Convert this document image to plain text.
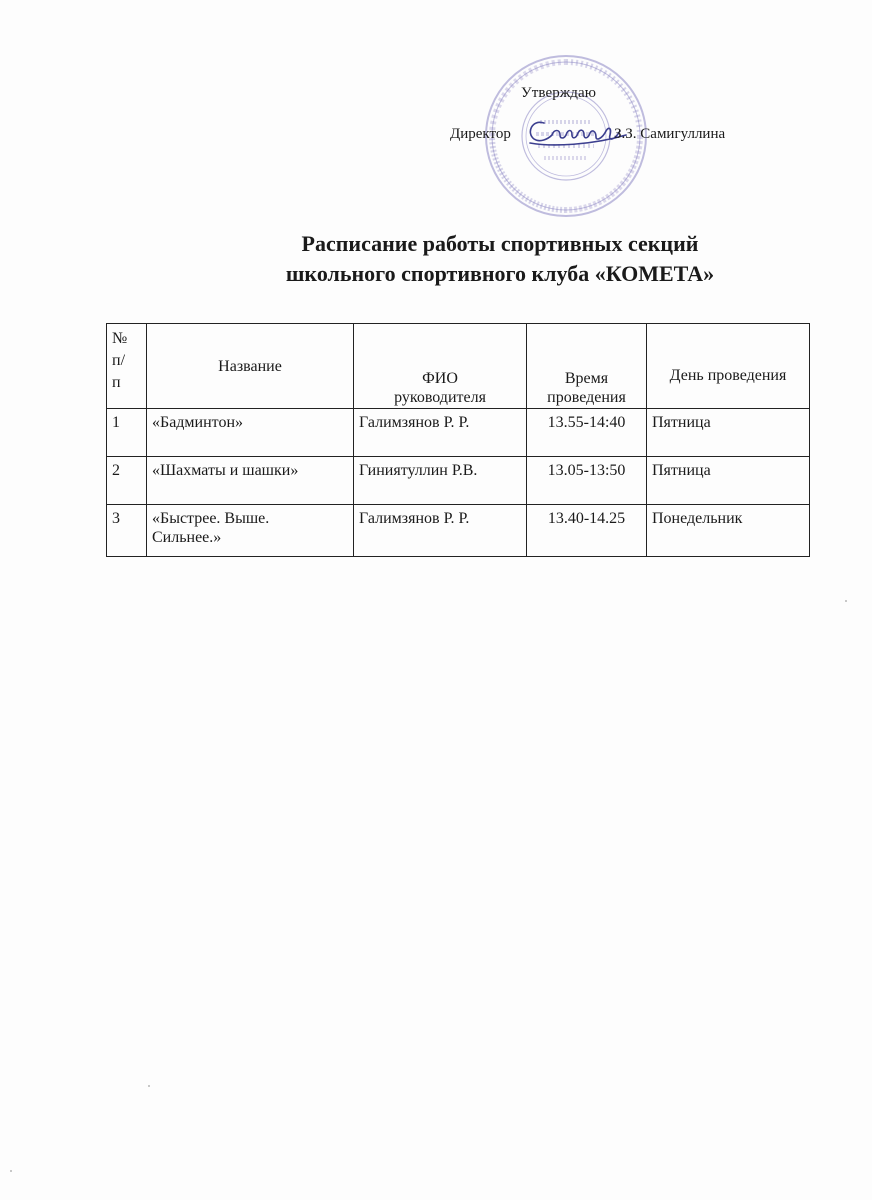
Утверждаю
Директор	З.З. Самигуллина
Расписание работы спортивных секций
школьного спортивного клуба «КОМЕТА»
№ п/п	Название	ФИО руководителя	Время проведения	День проведения
1	«Бадминтон»	Галимзянов Р. Р.	13.55-14:40	Пятница
2	«Шахматы и шашки»	Гиниятуллин Р.В.	13.05-13:50	Пятница
3	«Быстрее. Выше. Сильнее.»	Галимзянов Р. Р.	13.40-14.25	Понедельник
